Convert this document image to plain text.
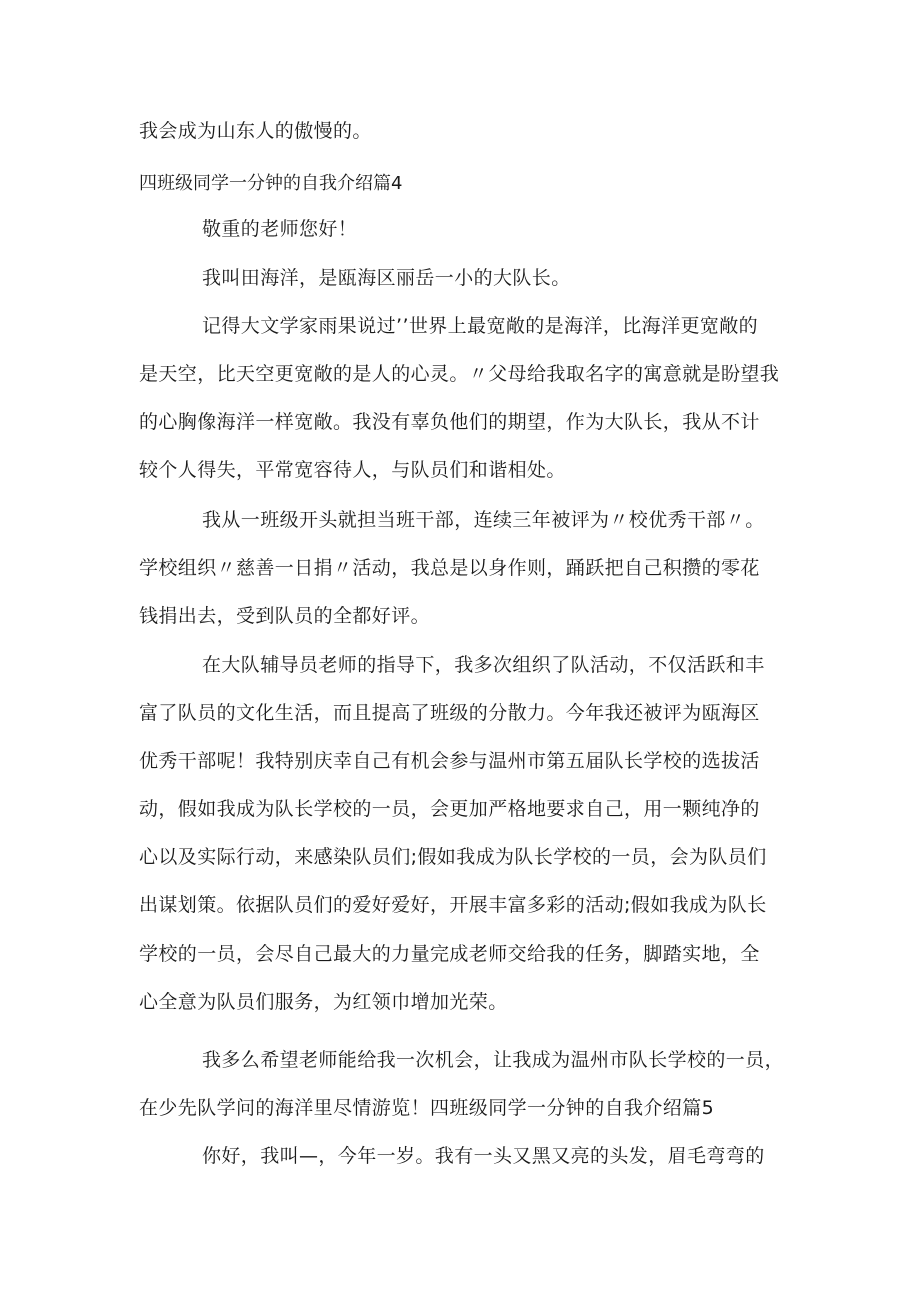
我会成为山东人的傲慢的。
四班级同学一分钟的自我介绍篇4
敬重的老师您好！
我叫田海洋，是瓯海区丽岳一小的大队长。
记得大文学家雨果说过’’世界上最宽敞的是海洋，比海洋更宽敞的
是天空，比天空更宽敞的是人的心灵。〃父母给我取名字的寓意就是盼望我
的心胸像海洋一样宽敞。我没有辜负他们的期望，作为大队长，我从不计
较个人得失，平常宽容待人，与队员们和谐相处。
我从一班级开头就担当班干部，连续三年被评为〃校优秀干部〃。
学校组织〃慈善一日捐〃活动，我总是以身作则，踊跃把自己积攒的零花
钱捐出去，受到队员的全都好评。
在大队辅导员老师的指导下，我多次组织了队活动，不仅活跃和丰
富了队员的文化生活，而且提高了班级的分散力。今年我还被评为瓯海区
优秀干部呢！我特别庆幸自己有机会参与温州市第五届队长学校的选拔活
动，假如我成为队长学校的一员，会更加严格地要求自己，用一颗纯净的
心以及实际行动，来感染队员们;假如我成为队长学校的一员，会为队员们
出谋划策。依据队员们的爱好爱好，开展丰富多彩的活动;假如我成为队长
学校的一员，会尽自己最大的力量完成老师交给我的任务，脚踏实地，全
心全意为队员们服务，为红领巾增加光荣。
我多么希望老师能给我一次机会，让我成为温州市队长学校的一员，
在少先队学问的海洋里尽情游览！四班级同学一分钟的自我介绍篇5
你好，我叫—，今年一岁。我有一头又黑又亮的头发，眉毛弯弯的
